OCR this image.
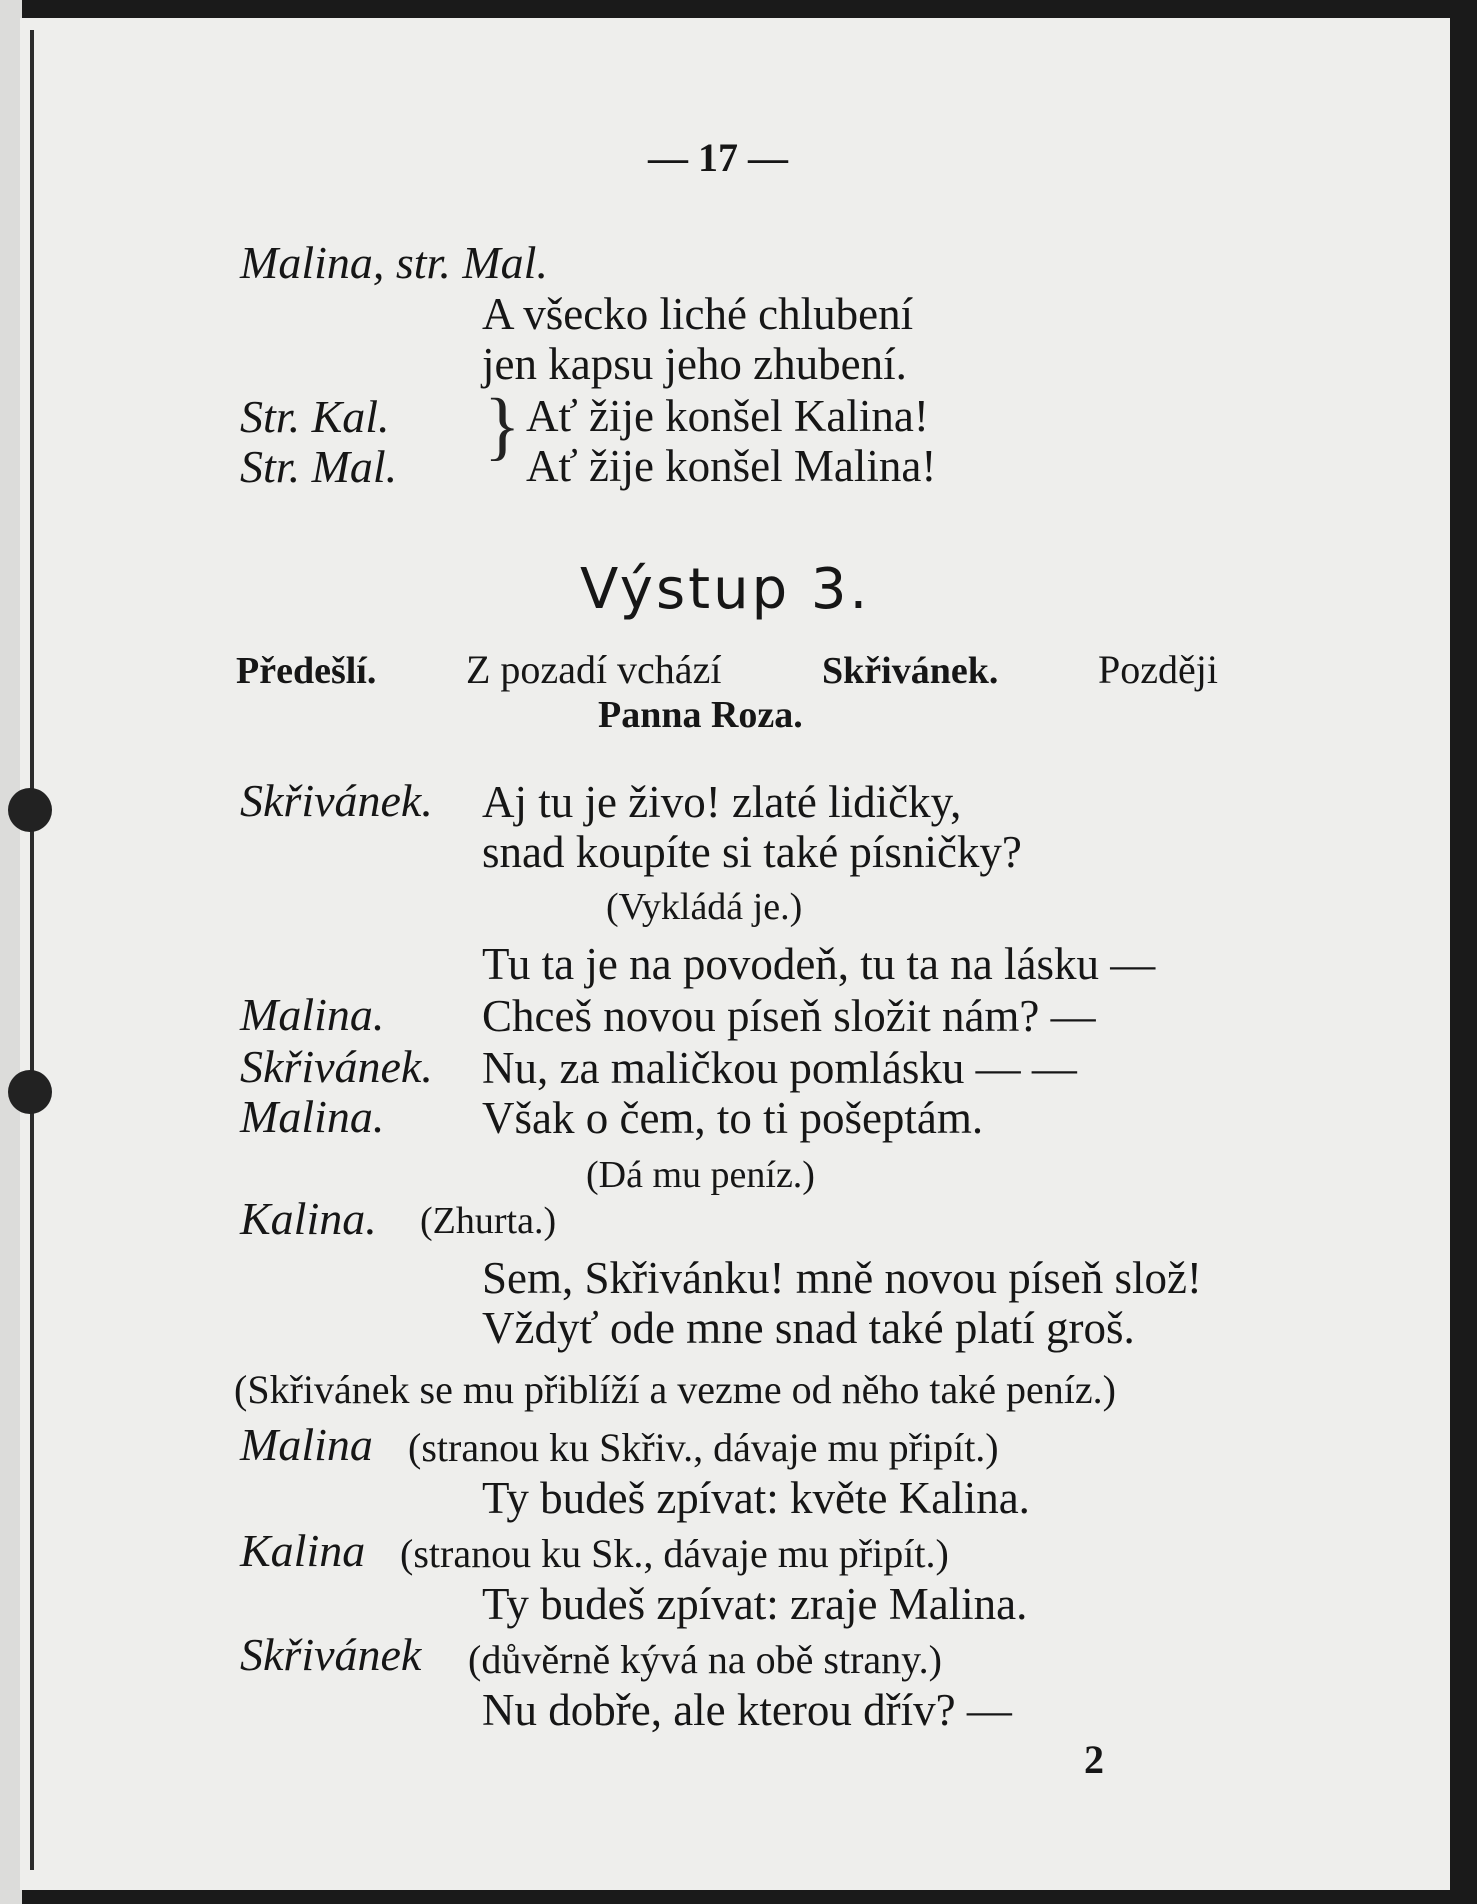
— 17 —
Malina, str. Mal.
A všecko liché chlubení
jen kapsu jeho zhubení.
Str. Kal. } Ať žije konšel Kalina!
Str. Mal.	Ať žije konšel Malina!
Výstup 3.
Předešlí. Z pozadí vchází	Skřivánek. Později
Panna Roza.
Skřivánek. Aj tu je živo! zlaté lidičky,
snad koupíte si také písničky?
(Vykládá je.)
Tu ta je na povodeň, tu ta na lásku —
Malina. Chceš novou píseň složit nám? —
Skřivánek. Nu, za maličkou pomlásku — —
Malina. Však o čem, to ti pošeptám.
(Dá mu peníz.)
Kalina. (Zhurta.)
Sem, Skřivánku! mně novou píseň slož!
Vždyť ode mne snad také platí groš.
(Skřivánek se mu přiblíží a vezme od něho také peníz.)
Malina (stranou ku Skřiv., dávaje mu připít.)
Ty budeš zpívat: květe Kalina.
Kalina (stranou ku Sk., dávaje mu připít.)
Ty budeš zpívat: zraje Malina.
Skřivánek (důvěrně kývá na obě strany.)
Nu dobře, ale kterou dřív? —
2
